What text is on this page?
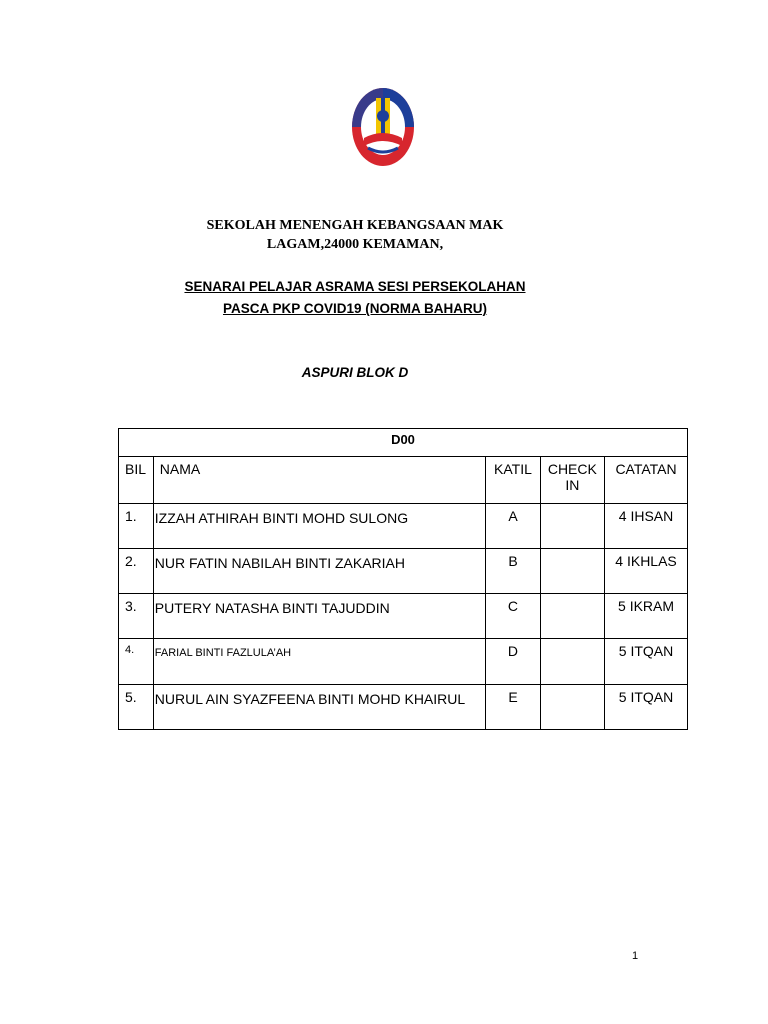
SEKOLAH MENENGAH KEBANGSAAN MAK
LAGAM,24000 KEMAMAN,
SENARAI PELAJAR ASRAMA SESI PERSEKOLAHAN
PASCA PKP COVID19 (NORMA BAHARU)
ASPURI BLOK D
D00				
BIL	NAMA	KATIL	CHECK IN	CATATAN
1.	IZZAH ATHIRAH BINTI MOHD SULONG	A		4 IHSAN
2.	NUR FATIN NABILAH BINTI ZAKARIAH	B		4 IKHLAS
3.	PUTERY NATASHA BINTI TAJUDDIN	C		5 IKRAM
4.	FARIAL BINTI FAZLULA’AH	D		5 ITQAN
5.	NURUL AIN SYAZFEENA BINTI MOHD KHAIRUL	E		5 ITQAN
1
